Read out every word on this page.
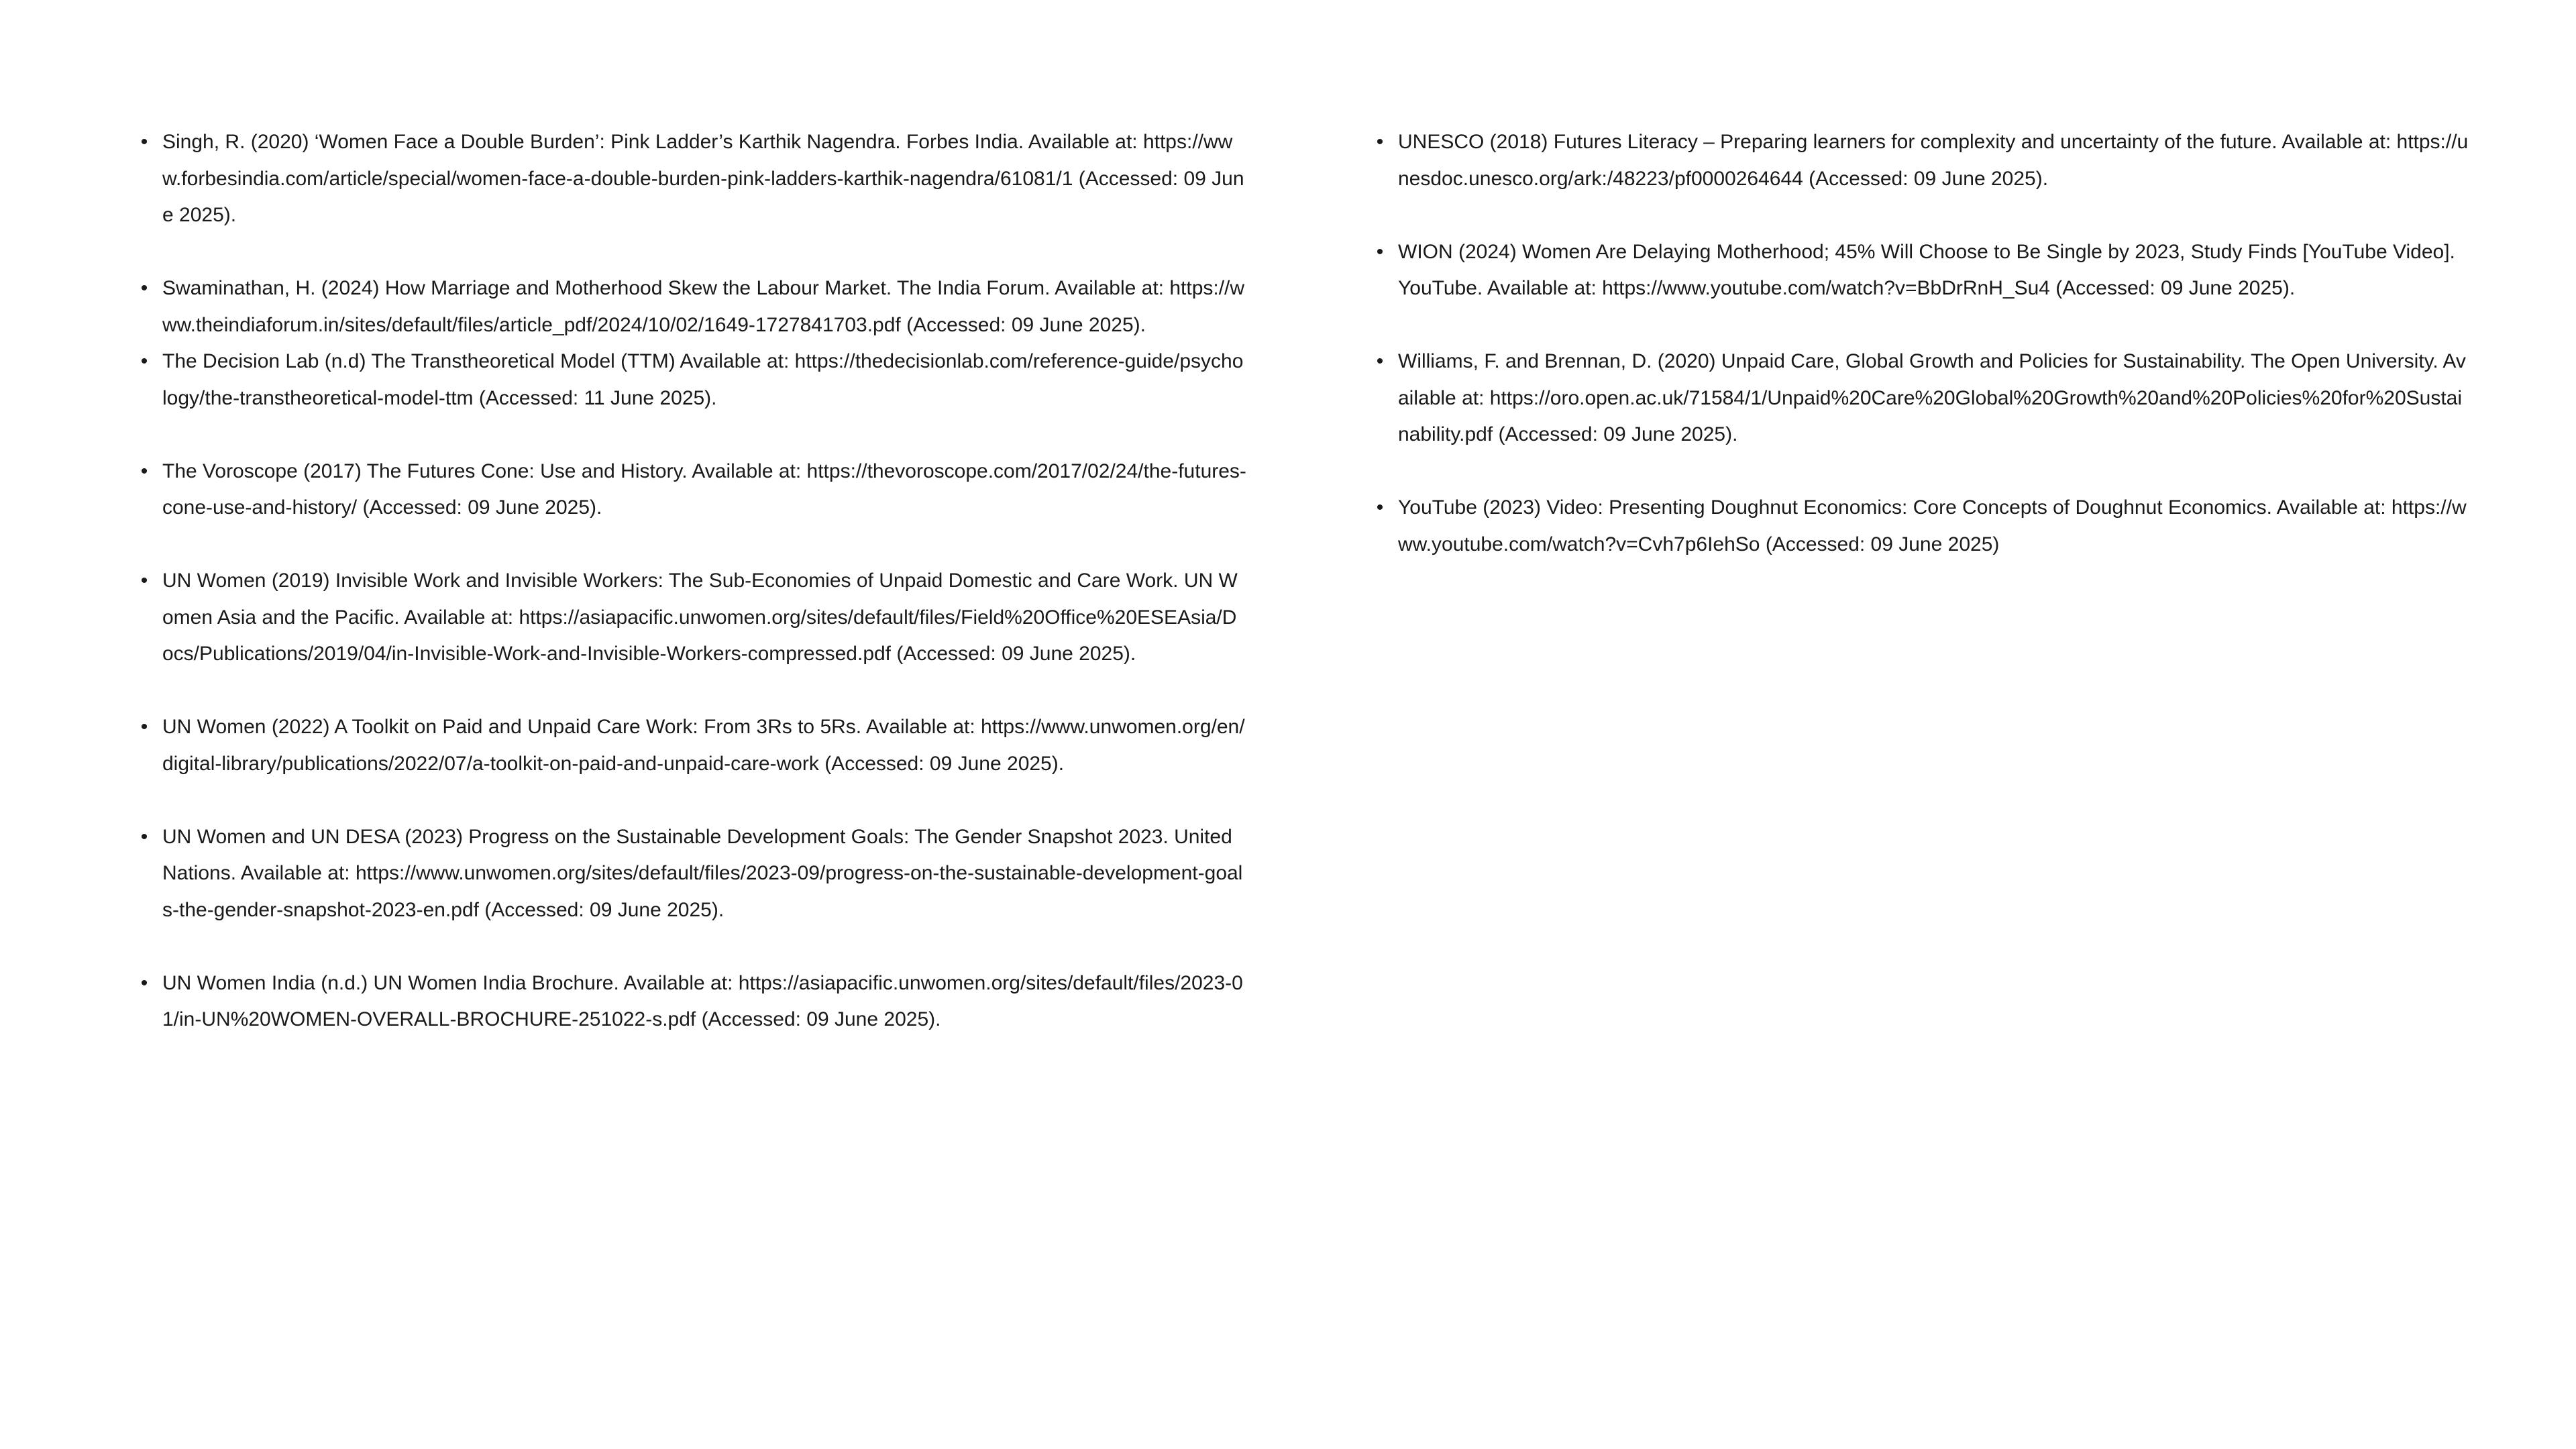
• Singh, R. (2020) ‘Women Face a Double Burden’: Pink Ladder’s Karthik Nagendra. Forbes India. Available at: https://www.forbesindia.com/article/special/women-face-a-double-burden-pink-ladders-karthik-nagendra/61081/1 (Accessed: 09 June 2025).
• Swaminathan, H. (2024) How Marriage and Motherhood Skew the Labour Market. The India Forum. Available at: https://www.theindiaforum.in/sites/default/files/article_pdf/2024/10/02/1649-1727841703.pdf (Accessed: 09 June 2025).
• The Decision Lab (n.d) The Transtheoretical Model (TTM) Available at: https://thedecisionlab.com/reference-guide/psychology/the-transtheoretical-model-ttm (Accessed: 11 June 2025).
• The Voroscope (2017) The Futures Cone: Use and History. Available at: https://thevoroscope.com/2017/02/24/the-futures-cone-use-and-history/ (Accessed: 09 June 2025).
• UN Women (2019) Invisible Work and Invisible Workers: The Sub-Economies of Unpaid Domestic and Care Work. UN Women Asia and the Pacific. Available at: https://asiapacific.unwomen.org/sites/default/files/Field%20Office%20ESEAsia/Docs/Publications/2019/04/in-Invisible-Work-and-Invisible-Workers-compressed.pdf (Accessed: 09 June 2025).
• UN Women (2022) A Toolkit on Paid and Unpaid Care Work: From 3Rs to 5Rs. Available at: https://www.unwomen.org/en/digital-library/publications/2022/07/a-toolkit-on-paid-and-unpaid-care-work (Accessed: 09 June 2025).
• UN Women and UN DESA (2023) Progress on the Sustainable Development Goals: The Gender Snapshot 2023. United Nations. Available at: https://www.unwomen.org/sites/default/files/2023-09/progress-on-the-sustainable-development-goals-the-gender-snapshot-2023-en.pdf (Accessed: 09 June 2025).
• UN Women India (n.d.) UN Women India Brochure. Available at: https://asiapacific.unwomen.org/sites/default/files/2023-01/in-UN%20WOMEN-OVERALL-BROCHURE-251022-s.pdf (Accessed: 09 June 2025).
• UNESCO (2018) Futures Literacy – Preparing learners for complexity and uncertainty of the future. Available at: https://unesdoc.unesco.org/ark:/48223/pf0000264644 (Accessed: 09 June 2025).
• WION (2024) Women Are Delaying Motherhood; 45% Will Choose to Be Single by 2023, Study Finds [YouTube Video]. YouTube. Available at: https://www.youtube.com/watch?v=BbDrRnH_Su4 (Accessed: 09 June 2025).
• Williams, F. and Brennan, D. (2020) Unpaid Care, Global Growth and Policies for Sustainability. The Open University. Available at: https://oro.open.ac.uk/71584/1/Unpaid%20Care%20Global%20Growth%20and%20Policies%20for%20Sustainability.pdf (Accessed: 09 June 2025).
• YouTube (2023) Video: Presenting Doughnut Economics: Core Concepts of Doughnut Economics. Available at: https://www.youtube.com/watch?v=Cvh7p6IehSo (Accessed: 09 June 2025)
